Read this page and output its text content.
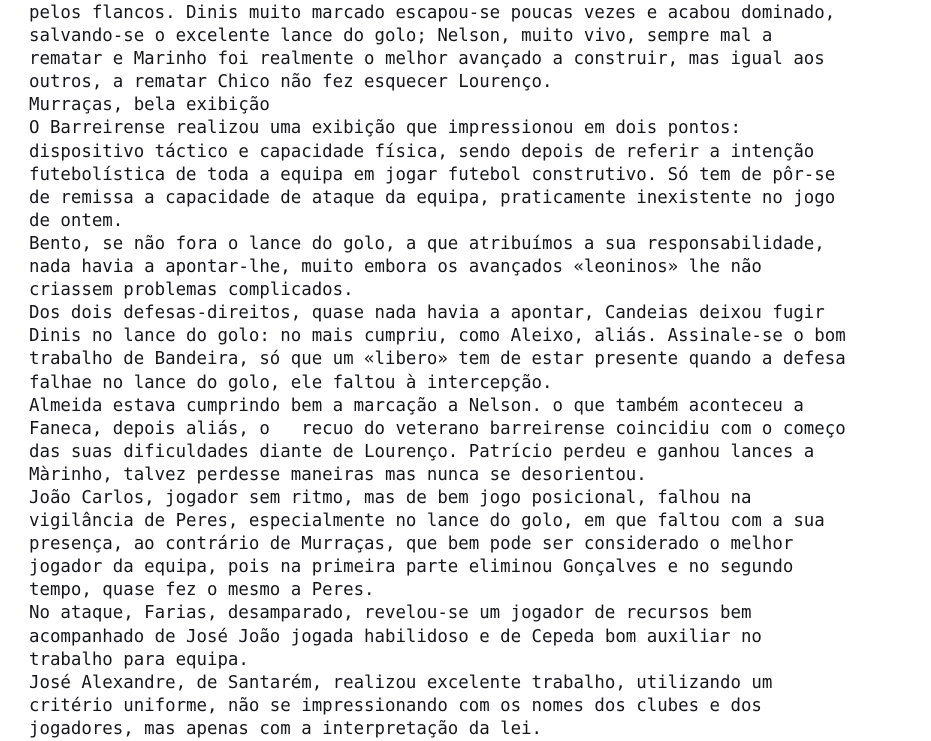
pelos flancos. Dinis muito marcado escapou-se poucas vezes e acabou dominado,
salvando-se o excelente lance do golo; Nelson, muito vivo, sempre mal a
rematar e Marinho foi realmente o melhor avançado a construir, mas igual aos
outros, a rematar Chico não fez esquecer Lourenço.
Murraças, bela exibição
O Barreirense realizou uma exibição que impressionou em dois pontos:
dispositivo táctico e capacidade física, sendo depois de referir a intenção
futebolística de toda a equipa em jogar futebol construtivo. Só tem de pôr-se
de remissa a capacidade de ataque da equipa, praticamente inexistente no jogo
de ontem.
Bento, se não fora o lance do golo, a que atribuímos a sua responsabilidade,
nada havia a apontar-lhe, muito embora os avançados «leoninos» lhe não
criassem problemas complicados.
Dos dois defesas-direitos, quase nada havia a apontar, Candeias deixou fugir
Dinis no lance do golo: no mais cumpriu, como Aleixo, aliás. Assinale-se o bom
trabalho de Bandeira, só que um «libero» tem de estar presente quando a defesa
falhae no lance do golo, ele faltou à intercepção.
Almeida estava cumprindo bem a marcação a Nelson. o que também aconteceu a
Faneca, depois aliás, o   recuo do veterano barreirense coincidiu com o começo
das suas dificuldades diante de Lourenço. Patrício perdeu e ganhou lances a
Màrinho, talvez perdesse maneiras mas nunca se desorientou.
João Carlos, jogador sem ritmo, mas de bem jogo posicional, falhou na
vigilância de Peres, especialmente no lance do golo, em que faltou com a sua
presença, ao contrário de Murraças, que bem pode ser considerado o melhor
jogador da equipa, pois na primeira parte eliminou Gonçalves e no segundo
tempo, quase fez o mesmo a Peres.
No ataque, Farias, desamparado, revelou-se um jogador de recursos bem
acompanhado de José João jogada habilidoso e de Cepeda bom auxiliar no
trabalho para equipa.
José Alexandre, de Santarém, realizou excelente trabalho, utilizando um
critério uniforme, não se impressionando com os nomes dos clubes e dos
jogadores, mas apenas com a interpretação da lei.
